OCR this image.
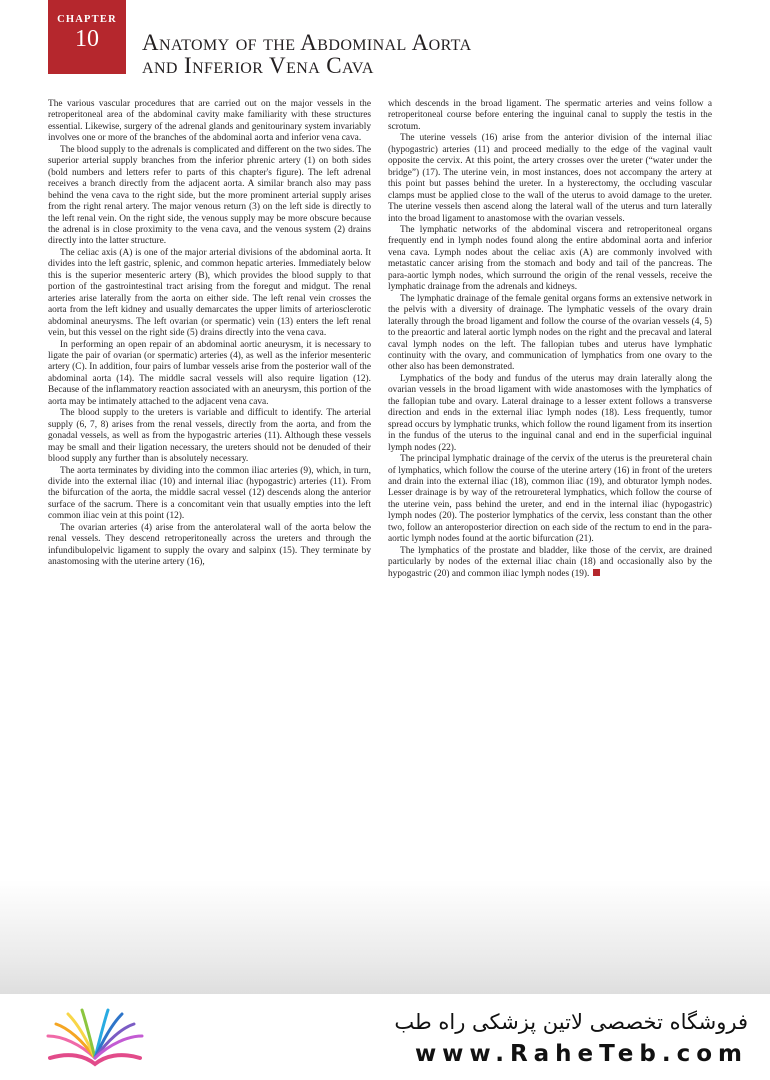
CHAPTER
10	Anatomy of the Abdominal Aorta
and Inferior Vena Cava

The various vascular procedures that are carried out on the major vessels in the retroperitoneal area of the abdominal cavity make familiarity with these structures essential. Likewise, surgery of the adrenal glands and genitourinary system invariably involves one or more of the branches of the abdominal aorta and inferior vena cava.

The blood supply to the adrenals is complicated and different on the two sides. The superior arterial supply branches from the inferior phrenic artery (1) on both sides (bold numbers and letters refer to parts of this chapter's figure). The left adrenal receives a branch directly from the adjacent aorta. A similar branch also may pass behind the vena cava to the right side, but the more prominent arterial supply arises from the right renal artery. The major venous return (3) on the left side is directly to the left renal vein. On the right side, the venous supply may be more obscure because the adrenal is in close proximity to the vena cava, and the venous system (2) drains directly into the latter structure.

The celiac axis (A) is one of the major arterial divisions of the abdominal aorta. It divides into the left gastric, splenic, and common hepatic arteries. Immediately below this is the superior mesenteric artery (B), which provides the blood supply to that portion of the gastrointestinal tract arising from the foregut and midgut. The renal arteries arise laterally from the aorta on either side. The left renal vein crosses the aorta from the left kidney and usually demarcates the upper limits of arteriosclerotic abdominal aneurysms. The left ovarian (or spermatic) vein (13) enters the left renal vein, but this vessel on the right side (5) drains directly into the vena cava.

In performing an open repair of an abdominal aortic aneurysm, it is necessary to ligate the pair of ovarian (or spermatic) arteries (4), as well as the inferior mesenteric artery (C). In addition, four pairs of lumbar vessels arise from the posterior wall of the abdominal aorta (14). The middle sacral vessels will also require ligation (12). Because of the inflammatory reaction associated with an aneurysm, this portion of the aorta may be intimately attached to the adjacent vena cava.

The blood supply to the ureters is variable and difficult to identify. The arterial supply (6, 7, 8) arises from the renal vessels, directly from the aorta, and from the gonadal vessels, as well as from the hypogastric arteries (11). Although these vessels may be small and their ligation necessary, the ureters should not be denuded of their blood supply any further than is absolutely necessary.

The aorta terminates by dividing into the common iliac arteries (9), which, in turn, divide into the external iliac (10) and internal iliac (hypogastric) arteries (11). From the bifurcation of the aorta, the middle sacral vessel (12) descends along the anterior surface of the sacrum. There is a concomitant vein that usually empties into the left common iliac vein at this point (12).

The ovarian arteries (4) arise from the anterolateral wall of the aorta below the renal vessels. They descend retroperitoneally across the ureters and through the infundibulopelvic ligament to supply the ovary and salpinx (15). They terminate by anastomosing with the uterine artery (16),

which descends in the broad ligament. The spermatic arteries and veins follow a retroperitoneal course before entering the inguinal canal to supply the testis in the scrotum.

The uterine vessels (16) arise from the anterior division of the internal iliac (hypogastric) arteries (11) and proceed medially to the edge of the vaginal vault opposite the cervix. At this point, the artery crosses over the ureter (“water under the bridge”) (17). The uterine vein, in most instances, does not accompany the artery at this point but passes behind the ureter. In a hysterectomy, the occluding vascular clamps must be applied close to the wall of the uterus to avoid damage to the ureter. The uterine vessels then ascend along the lateral wall of the uterus and turn laterally into the broad ligament to anastomose with the ovarian vessels.

The lymphatic networks of the abdominal viscera and retroperitoneal organs frequently end in lymph nodes found along the entire abdominal aorta and inferior vena cava. Lymph nodes about the celiac axis (A) are commonly involved with metastatic cancer arising from the stomach and body and tail of the pancreas. The para-aortic lymph nodes, which surround the origin of the renal vessels, receive the lymphatic drainage from the adrenals and kidneys.

The lymphatic drainage of the female genital organs forms an extensive network in the pelvis with a diversity of drainage. The lymphatic vessels of the ovary drain laterally through the broad ligament and follow the course of the ovarian vessels (4, 5) to the preaortic and lateral aortic lymph nodes on the right and the precaval and lateral caval lymph nodes on the left. The fallopian tubes and uterus have lymphatic continuity with the ovary, and communication of lymphatics from one ovary to the other also has been demonstrated.

Lymphatics of the body and fundus of the uterus may drain laterally along the ovarian vessels in the broad ligament with wide anastomoses with the lymphatics of the fallopian tube and ovary. Lateral drainage to a lesser extent follows a transverse direction and ends in the external iliac lymph nodes (18). Less frequently, tumor spread occurs by lymphatic trunks, which follow the round ligament from its insertion in the fundus of the uterus to the inguinal canal and end in the superficial inguinal lymph nodes (22).

The principal lymphatic drainage of the cervix of the uterus is the preureteral chain of lymphatics, which follow the course of the uterine artery (16) in front of the ureters and drain into the external iliac (18), common iliac (19), and obturator lymph nodes. Lesser drainage is by way of the retroureteral lymphatics, which follow the course of the uterine vein, pass behind the ureter, and end in the internal iliac (hypogastric) lymph nodes (20). The posterior lymphatics of the cervix, less constant than the other two, follow an anteroposterior direction on each side of the rectum to end in the para-aortic lymph nodes found at the aortic bifurcation (21).

The lymphatics of the prostate and bladder, like those of the cervix, are drained particularly by nodes of the external iliac chain (18) and occasionally also by the hypogastric (20) and common iliac lymph nodes (19).

فروشگاه تخصصی لاتین پزشکی راه طب
www.RaheTeb.com
